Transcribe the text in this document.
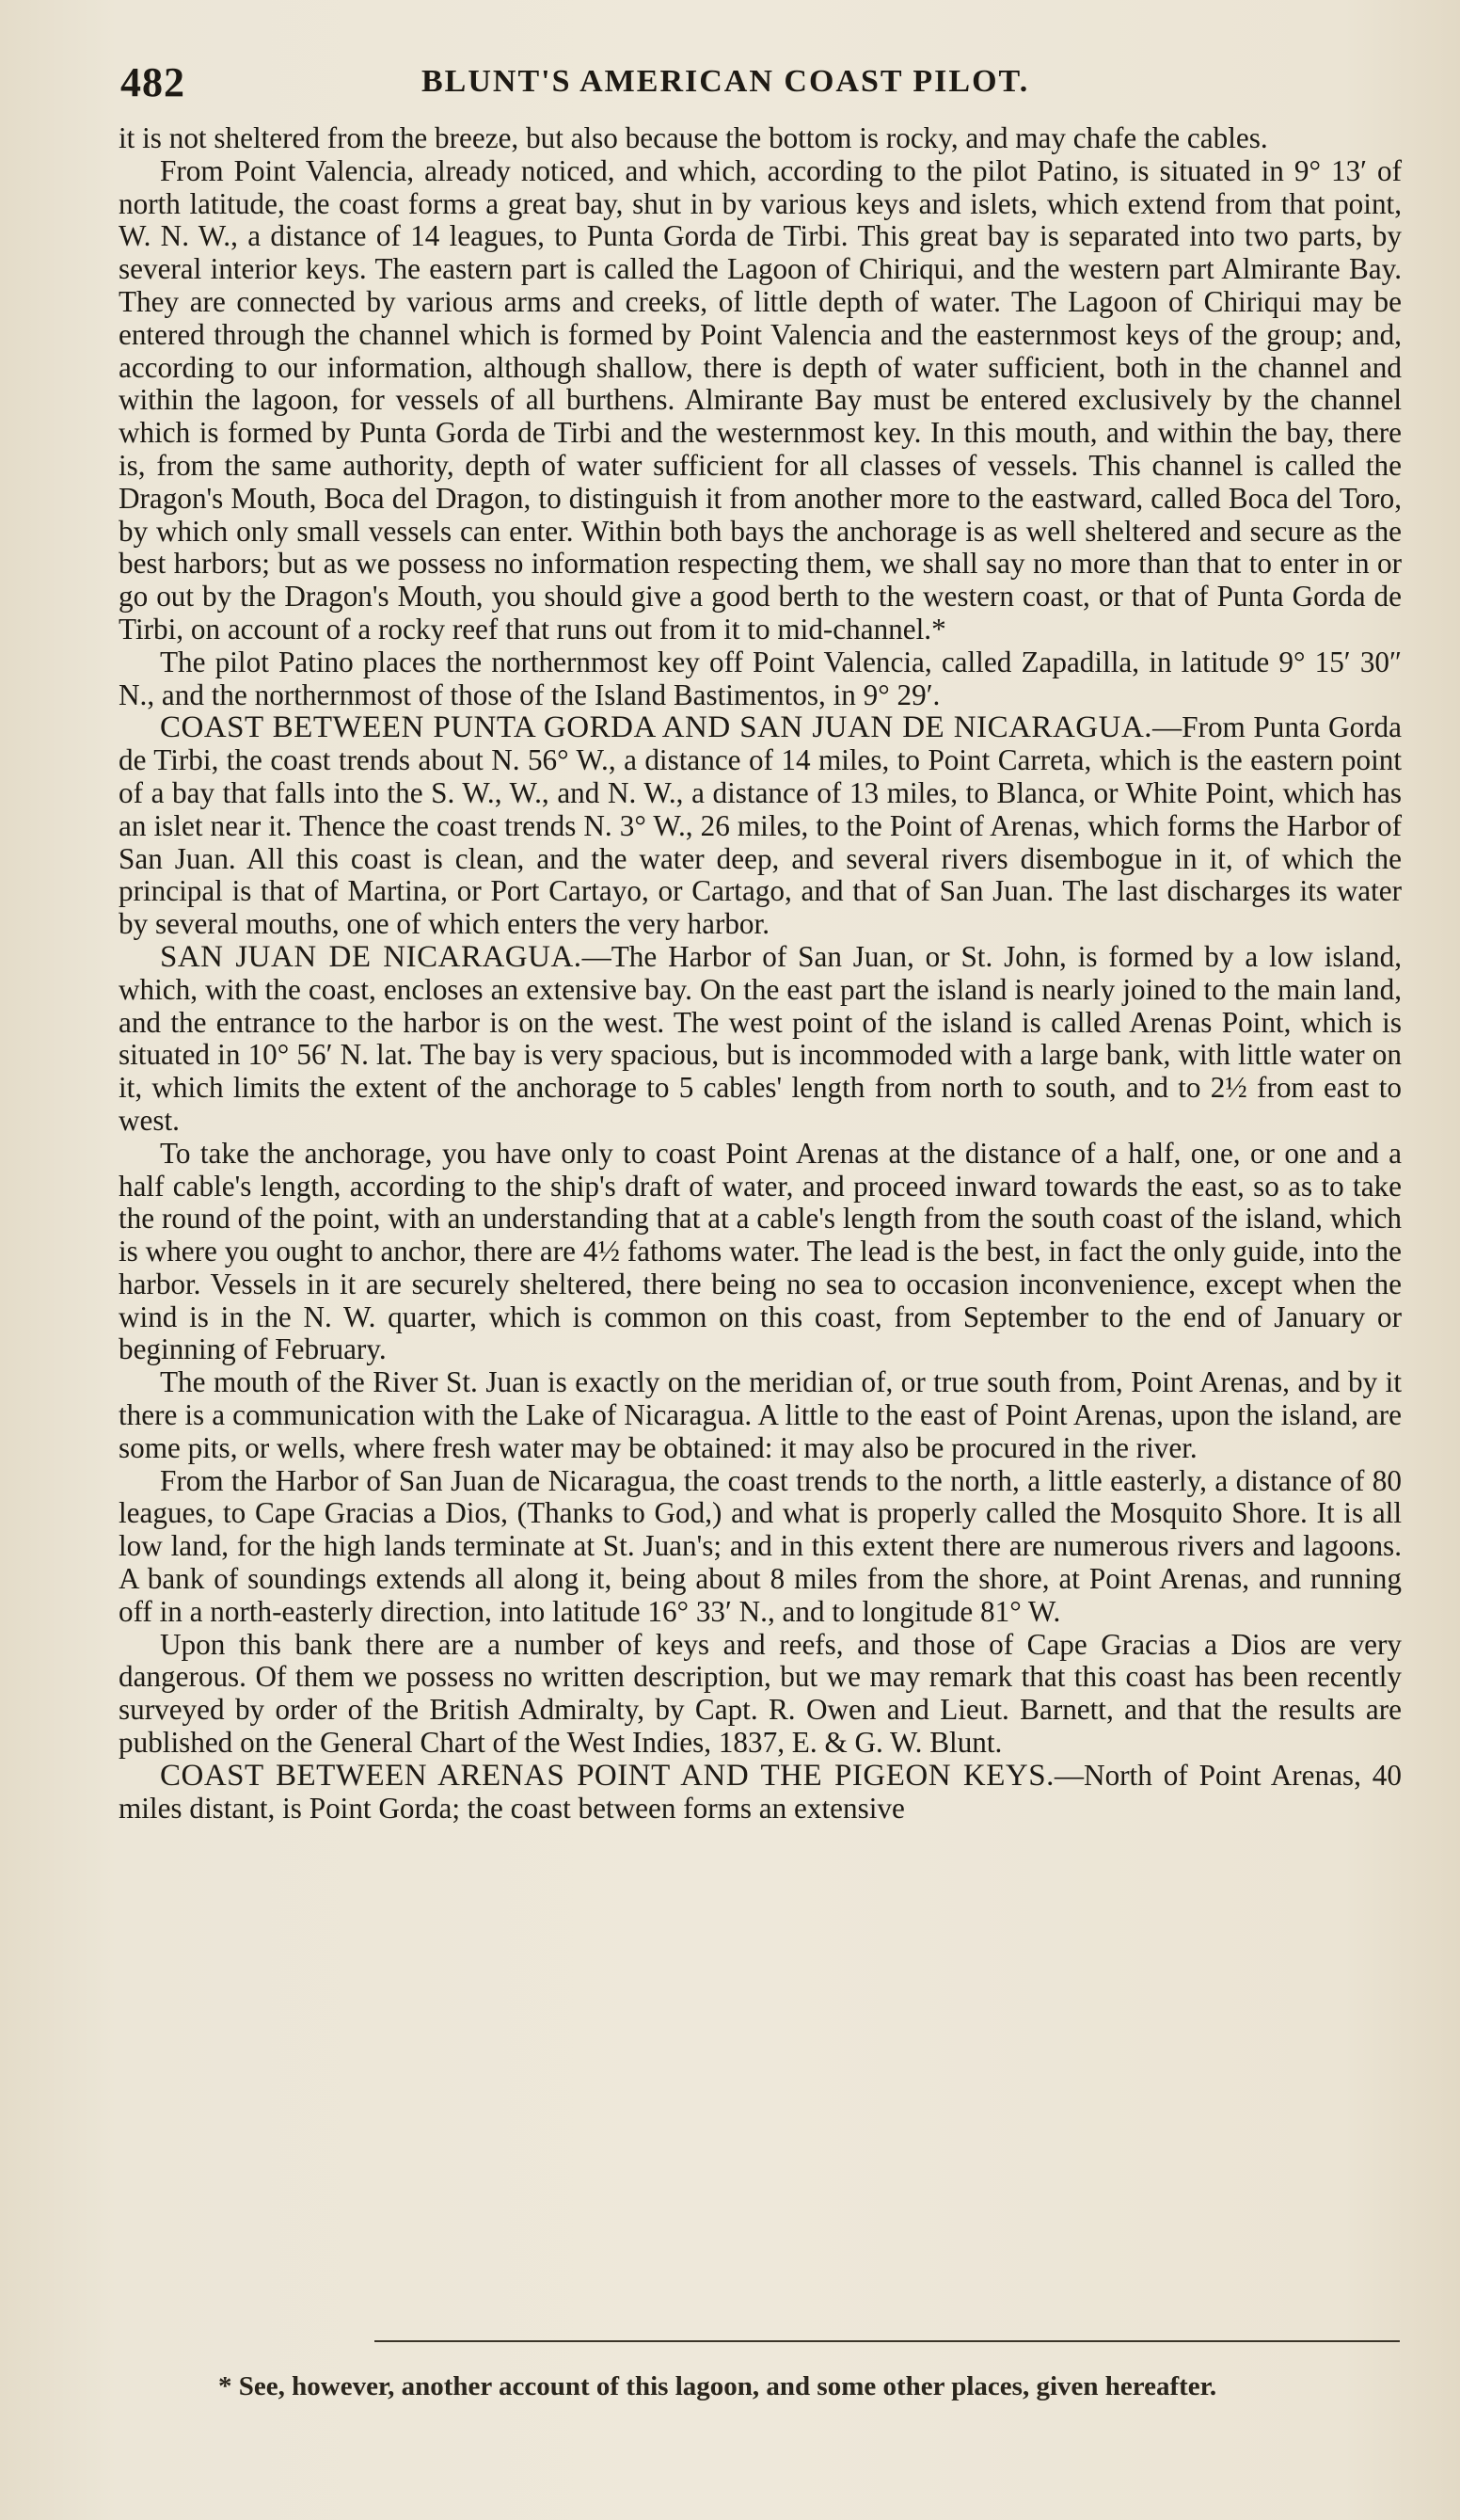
482	BLUNT'S AMERICAN COAST PILOT.

it is not sheltered from the breeze, but also because the bottom is rocky, and may chafe the cables.

From Point Valencia, already noticed, and which, according to the pilot Patino, is situated in 9° 13′ of north latitude, the coast forms a great bay, shut in by various keys and islets, which extend from that point, W. N. W., a distance of 14 leagues, to Punta Gorda de Tirbi. This great bay is separated into two parts, by several interior keys. The eastern part is called the Lagoon of Chiriqui, and the western part Almirante Bay. They are connected by various arms and creeks, of little depth of water. The Lagoon of Chiriqui may be entered through the channel which is formed by Point Valencia and the easternmost keys of the group; and, according to our information, although shallow, there is depth of water sufficient, both in the channel and within the lagoon, for vessels of all burthens. Almirante Bay must be entered exclusively by the channel which is formed by Punta Gorda de Tirbi and the westernmost key. In this mouth, and within the bay, there is, from the same authority, depth of water sufficient for all classes of vessels. This channel is called the Dragon's Mouth, Boca del Dragon, to distinguish it from another more to the eastward, called Boca del Toro, by which only small vessels can enter. Within both bays the anchorage is as well sheltered and secure as the best harbors; but as we possess no information respecting them, we shall say no more than that to enter in or go out by the Dragon's Mouth, you should give a good berth to the western coast, or that of Punta Gorda de Tirbi, on account of a rocky reef that runs out from it to mid-channel.*

The pilot Patino places the northernmost key off Point Valencia, called Zapadilla, in latitude 9° 15′ 30″ N., and the northernmost of those of the Island Bastimentos, in 9° 29′.

COAST BETWEEN PUNTA GORDA AND SAN JUAN DE NICARAGUA.—From Punta Gorda de Tirbi, the coast trends about N. 56° W., a distance of 14 miles, to Point Carreta, which is the eastern point of a bay that falls into the S. W., W., and N. W., a distance of 13 miles, to Blanca, or White Point, which has an islet near it. Thence the coast trends N. 3° W., 26 miles, to the Point of Arenas, which forms the Harbor of San Juan. All this coast is clean, and the water deep, and several rivers disembogue in it, of which the principal is that of Martina, or Port Cartayo, or Cartago, and that of San Juan. The last discharges its water by several mouths, one of which enters the very harbor.

SAN JUAN DE NICARAGUA.—The Harbor of San Juan, or St. John, is formed by a low island, which, with the coast, encloses an extensive bay. On the east part the island is nearly joined to the main land, and the entrance to the harbor is on the west. The west point of the island is called Arenas Point, which is situated in 10° 56′ N. lat. The bay is very spacious, but is incommoded with a large bank, with little water on it, which limits the extent of the anchorage to 5 cables' length from north to south, and to 2½ from east to west.

To take the anchorage, you have only to coast Point Arenas at the distance of a half, one, or one and a half cable's length, according to the ship's draft of water, and proceed inward towards the east, so as to take the round of the point, with an understanding that at a cable's length from the south coast of the island, which is where you ought to anchor, there are 4½ fathoms water. The lead is the best, in fact the only guide, into the harbor. Vessels in it are securely sheltered, there being no sea to occasion inconvenience, except when the wind is in the N. W. quarter, which is common on this coast, from September to the end of January or beginning of February.

The mouth of the River St. Juan is exactly on the meridian of, or true south from, Point Arenas, and by it there is a communication with the Lake of Nicaragua. A little to the east of Point Arenas, upon the island, are some pits, or wells, where fresh water may be obtained: it may also be procured in the river.

From the Harbor of San Juan de Nicaragua, the coast trends to the north, a little easterly, a distance of 80 leagues, to Cape Gracias a Dios, (Thanks to God,) and what is properly called the Mosquito Shore. It is all low land, for the high lands terminate at St. Juan's; and in this extent there are numerous rivers and lagoons. A bank of soundings extends all along it, being about 8 miles from the shore, at Point Arenas, and running off in a north-easterly direction, into latitude 16° 33′ N., and to longitude 81° W.

Upon this bank there are a number of keys and reefs, and those of Cape Gracias a Dios are very dangerous. Of them we possess no written description, but we may remark that this coast has been recently surveyed by order of the British Admiralty, by Capt. R. Owen and Lieut. Barnett, and that the results are published on the General Chart of the West Indies, 1837, E. & G. W. Blunt.

COAST BETWEEN ARENAS POINT AND THE PIGEON KEYS.—North of Point Arenas, 40 miles distant, is Point Gorda; the coast between forms an extensive

* See, however, another account of this lagoon, and some other places, given hereafter.
